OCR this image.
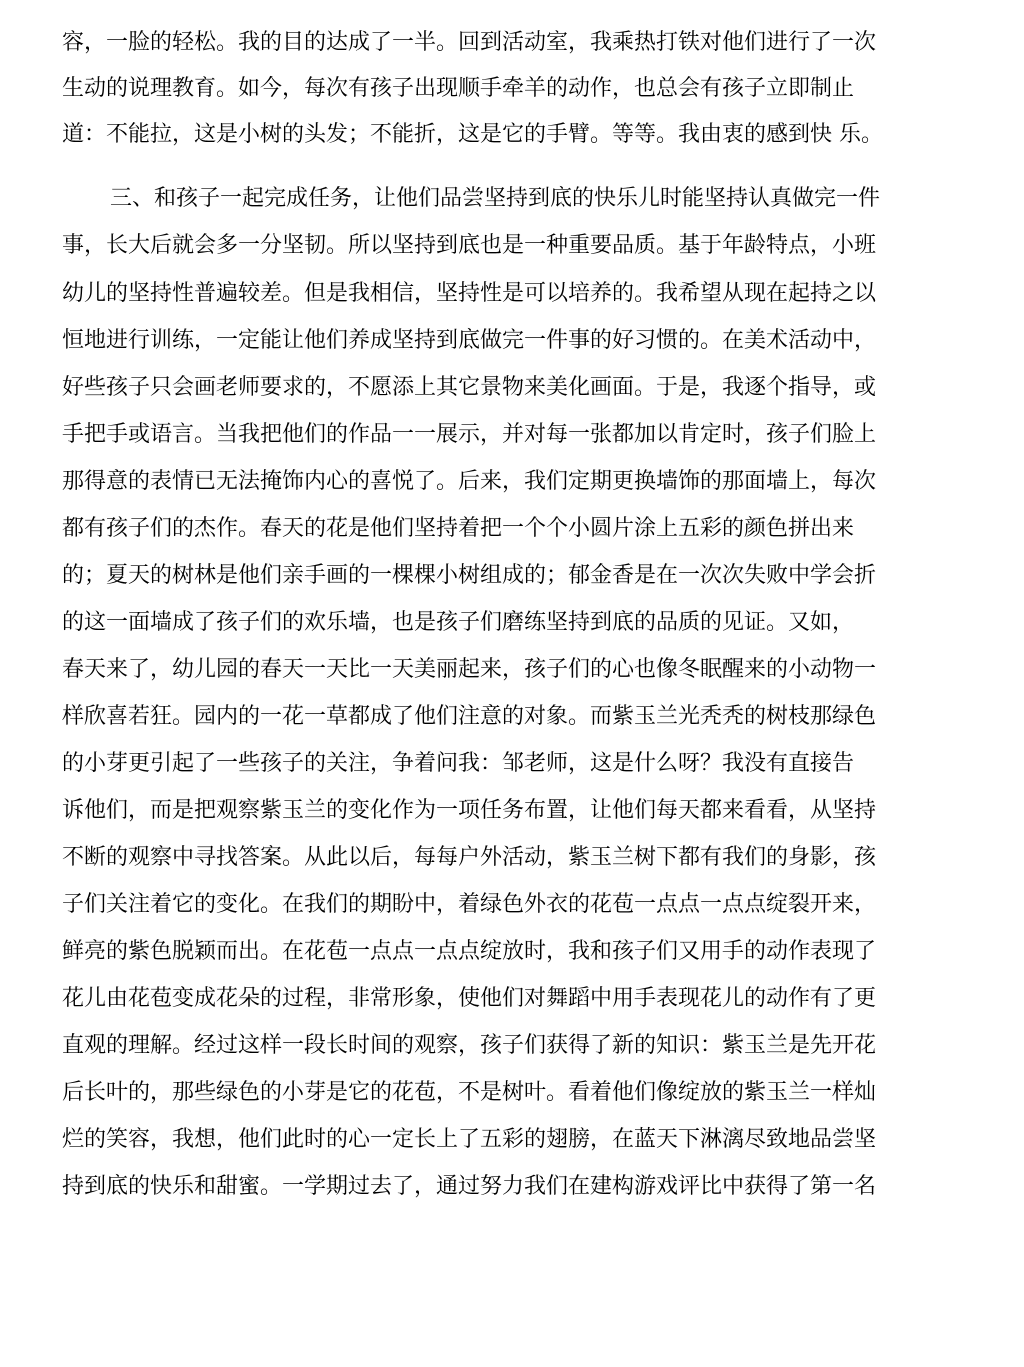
容，一脸的轻松。我的目的达成了一半。回到活动室，我乘热打铁对他们进行了一次
生动的说理教育。如今，每次有孩子出现顺手牵羊的动作，也总会有孩子立即制止
道：不能拉，这是小树的头发；不能折，这是它的手臂。等等。我由衷的感到快 乐。
三、和孩子一起完成任务，让他们品尝坚持到底的快乐儿时能坚持认真做完一件
事，长大后就会多一分坚韧。所以坚持到底也是一种重要品质。基于年龄特点，小班
幼儿的坚持性普遍较差。但是我相信，坚持性是可以培养的。我希望从现在起持之以
恒地进行训练，一定能让他们养成坚持到底做完一件事的好习惯的。在美术活动中，
好些孩子只会画老师要求的，不愿添上其它景物来美化画面。于是，我逐个指导，或
手把手或语言。当我把他们的作品一一展示，并对每一张都加以肯定时，孩子们脸上
那得意的表情已无法掩饰内心的喜悦了。后来，我们定期更换墙饰的那面墙上，每次
都有孩子们的杰作。春天的花是他们坚持着把一个个小圆片涂上五彩的颜色拼出来
的；夏天的树林是他们亲手画的一棵棵小树组成的；郁金香是在一次次失败中学会折
的这一面墙成了孩子们的欢乐墙，也是孩子们磨练坚持到底的品质的见证。又如，
春天来了，幼儿园的春天一天比一天美丽起来，孩子们的心也像冬眠醒来的小动物一
样欣喜若狂。园内的一花一草都成了他们注意的对象。而紫玉兰光秃秃的树枝那绿色
的小芽更引起了一些孩子的关注，争着问我：邹老师，这是什么呀？我没有直接告
诉他们，而是把观察紫玉兰的变化作为一项任务布置，让他们每天都来看看，从坚持
不断的观察中寻找答案。从此以后，每每户外活动，紫玉兰树下都有我们的身影，孩
子们关注着它的变化。在我们的期盼中，着绿色外衣的花苞一点点一点点绽裂开来，
鲜亮的紫色脱颖而出。在花苞一点点一点点绽放时，我和孩子们又用手的动作表现了
花儿由花苞变成花朵的过程，非常形象，使他们对舞蹈中用手表现花儿的动作有了更
直观的理解。经过这样一段长时间的观察，孩子们获得了新的知识：紫玉兰是先开花
后长叶的，那些绿色的小芽是它的花苞，不是树叶。看着他们像绽放的紫玉兰一样灿
烂的笑容，我想，他们此时的心一定长上了五彩的翅膀，在蓝天下淋漓尽致地品尝坚
持到底的快乐和甜蜜。一学期过去了，通过努力我们在建构游戏评比中获得了第一名
